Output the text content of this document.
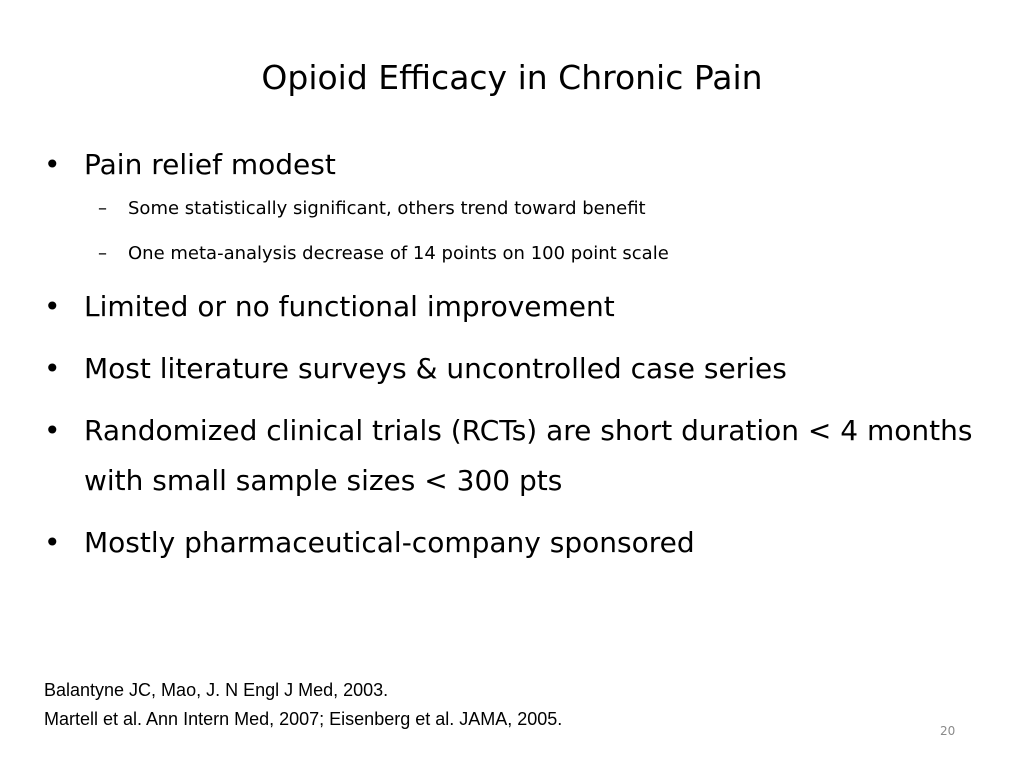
Opioid Efficacy in Chronic Pain
• Pain relief modest
– Some statistically significant, others trend toward benefit
– One meta-analysis decrease of 14 points on 100 point scale
• Limited or no functional improvement
• Most literature surveys & uncontrolled case series
• Randomized clinical trials (RCTs) are short duration < 4 months with small sample sizes < 300 pts
• Mostly pharmaceutical-company sponsored
Balantyne JC, Mao, J. N Engl J Med, 2003.
Martell et al. Ann Intern Med, 2007; Eisenberg et al. JAMA, 2005.
20
